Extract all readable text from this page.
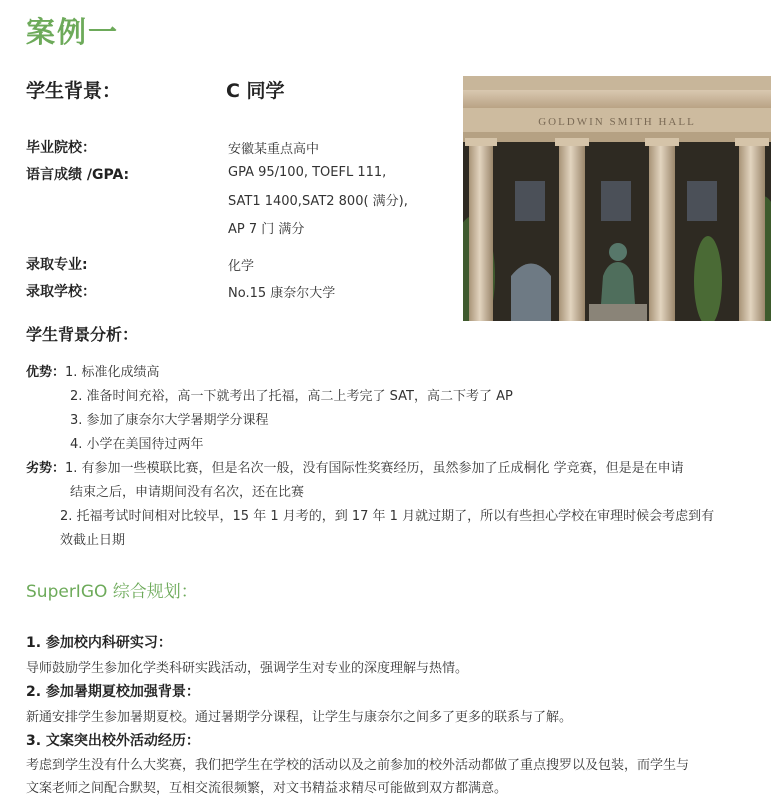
案例一
学生背景：	C 同学
毕业院校：	安徽某重点高中
语言成绩 /GPA:	GPA 95/100, TOEFL 111,
SAT1 1400,SAT2 800( 满分),
AP 7 门 满分
录取专业:	化学
录取学校：	No.15 康奈尔大学
GOLDWIN SMITH HALL
学生背景分析：
优势：1. 标准化成绩高
2. 准备时间充裕，高一下就考出了托福，高二上考完了 SAT，高二下考了 AP
3. 参加了康奈尔大学暑期学分课程
4. 小学在美国待过两年
劣势：1. 有参加一些模联比赛，但是名次一般，没有国际性奖赛经历，虽然参加了丘成桐化 学竞赛，但是是在申请
结束之后，申请期间没有名次，还在比赛
2. 托福考试时间相对比较早，15 年 1 月考的，到 17 年 1 月就过期了，所以有些担心学校在审理时候会考虑到有
效截止日期
SuperIGO 综合规划：
1. 参加校内科研实习：
导师鼓励学生参加化学类科研实践活动，强调学生对专业的深度理解与热情。
2. 参加暑期夏校加强背景：
新通安排学生参加暑期夏校。通过暑期学分课程，让学生与康奈尔之间多了更多的联系与了解。
3. 文案突出校外活动经历：
考虑到学生没有什么大奖赛，我们把学生在学校的活动以及之前参加的校外活动都做了重点搜罗以及包装，而学生与
文案老师之间配合默契，互相交流很频繁，对文书精益求精尽可能做到双方都满意。
